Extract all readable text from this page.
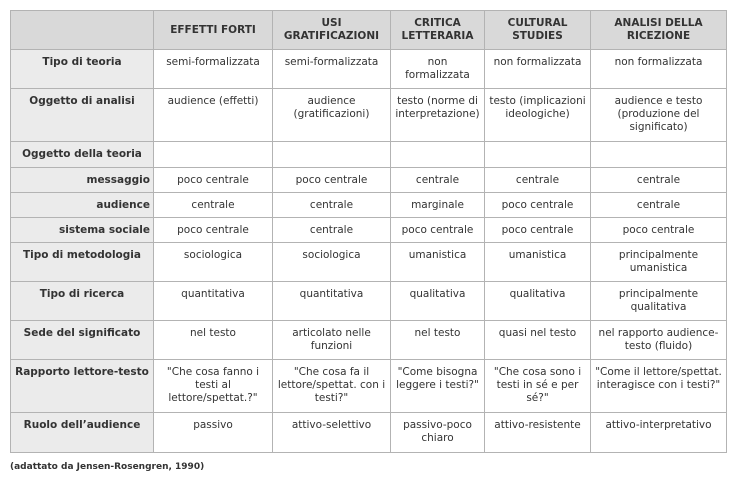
	EFFETTI FORTI	USI GRATIFICAZIONI	CRITICA LETTERARIA	CULTURAL STUDIES	ANALISI DELLA RICEZIONE
Tipo di teoria	semi-formalizzata	semi-formalizzata	non formalizzata	non formalizzata	non formalizzata
Oggetto di analisi	audience (effetti)	audience (gratificazioni)	testo (norme di interpretazione)	testo (implicazioni ideologiche)	audience e testo (produzione del significato)
Oggetto della teoria					
messaggio	poco centrale	poco centrale	centrale	centrale	centrale
audience	centrale	centrale	marginale	poco centrale	centrale
sistema sociale	poco centrale	centrale	poco centrale	poco centrale	poco centrale
Tipo di metodologia	sociologica	sociologica	umanistica	umanistica	principalmente umanistica
Tipo di ricerca	quantitativa	quantitativa	qualitativa	qualitativa	principalmente qualitativa
Sede del significato	nel testo	articolato nelle funzioni	nel testo	quasi nel testo	nel rapporto audience-testo (fluido)
Rapporto lettore-testo	"Che cosa fanno i testi al lettore/spettat.?"	"Che cosa fa il lettore/spettat. con i testi?"	"Come bisogna leggere i testi?"	"Che cosa sono i testi in sé e per sé?"	"Come il lettore/spettat. interagisce con i testi?"
Ruolo dell’audience	passivo	attivo-selettivo	passivo-poco chiaro	attivo-resistente	attivo-interpretativo
(adattato da Jensen-Rosengren, 1990)
